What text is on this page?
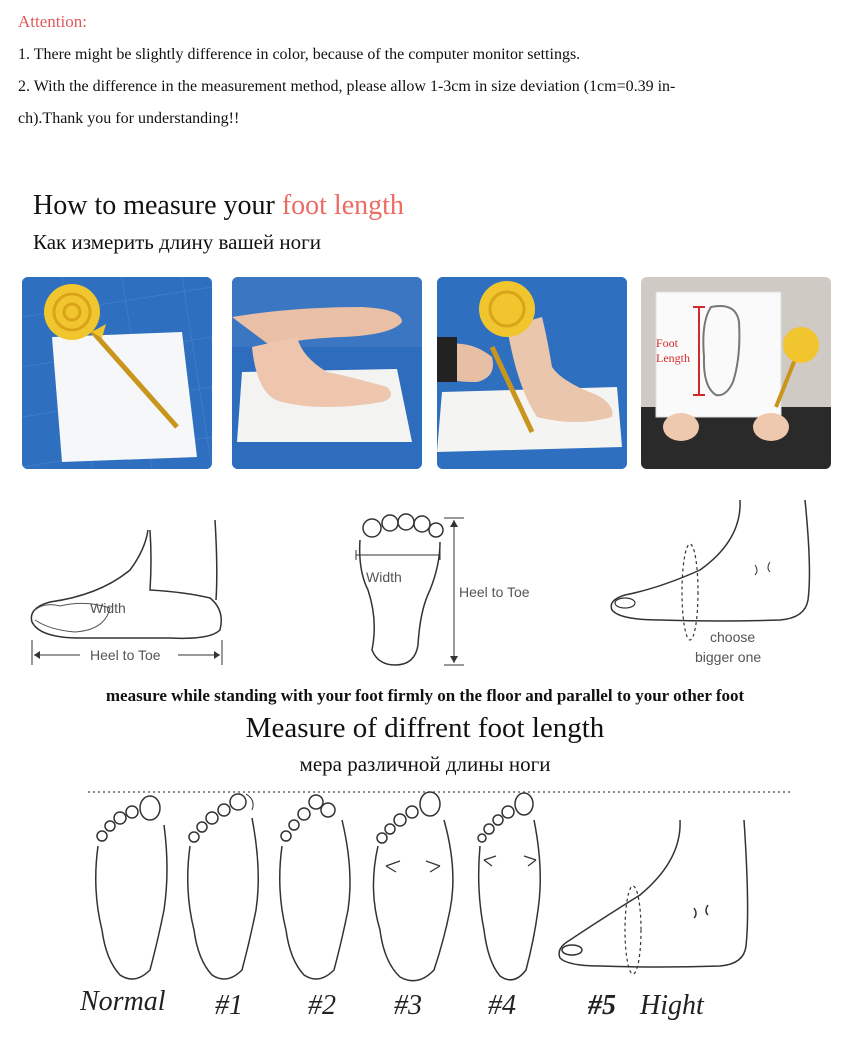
Attention:
1. There might be slightly difference in color, because of the computer monitor settings.
2. With the difference in the measurement method, please allow 1-3cm in size deviation (1cm=0.39 in-
ch).Thank you for understanding!!
How to measure your foot length
Как измерить длину вашей ноги
Foot
Length
Width
Heel to Toe
Width
Heel to Toe
choose
bigger one
measure while standing with your foot firmly on the floor and parallel to your other foot
Measure of diffrent foot length
мера различной длины ноги
Normal #1 #2 #3 #4	#5 Hight
